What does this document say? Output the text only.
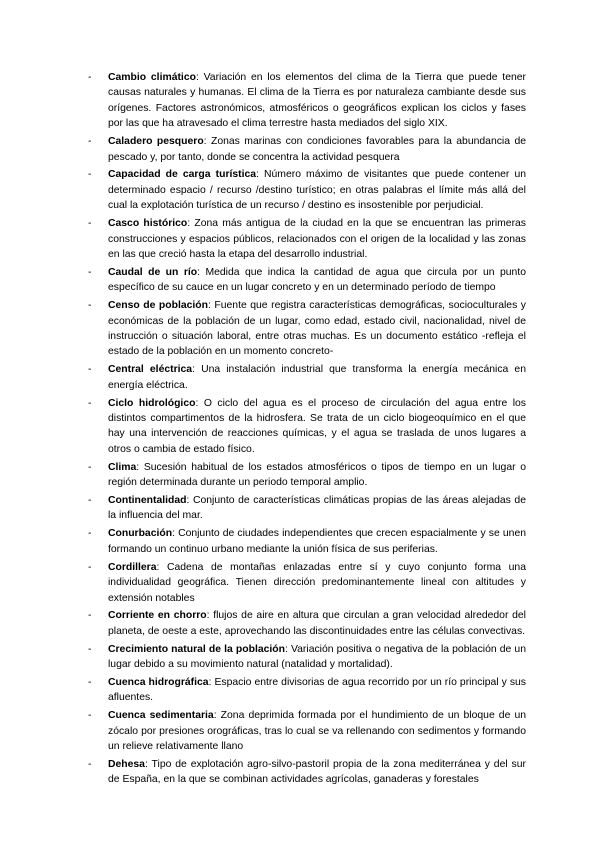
- Cambio climático: Variación en los elementos del clima de la Tierra que puede tener causas naturales y humanas. El clima de la Tierra es por naturaleza cambiante desde sus orígenes. Factores astronómicos, atmosféricos o geográficos explican los ciclos y fases por las que ha atravesado el clima terrestre hasta mediados del siglo XIX.
- Caladero pesquero: Zonas marinas con condiciones favorables para la abundancia de pescado y, por tanto, donde se concentra la actividad pesquera
- Capacidad de carga turística: Número máximo de visitantes que puede contener un determinado espacio / recurso /destino turístico; en otras palabras el límite más allá del cual la explotación turística de un recurso / destino es insostenible por perjudicial.
- Casco histórico: Zona más antigua de la ciudad en la que se encuentran las primeras construcciones y espacios públicos, relacionados con el origen de la localidad y las zonas en las que creció hasta la etapa del desarrollo industrial.
- Caudal de un río: Medida que indica la cantidad de agua que circula por un punto específico de su cauce en un lugar concreto y en un determinado período de tiempo
- Censo de población: Fuente que registra características demográficas, socioculturales y económicas de la población de un lugar, como edad, estado civil, nacionalidad, nivel de instrucción o situación laboral, entre otras muchas. Es un documento estático -refleja el estado de la población en un momento concreto-
- Central eléctrica: Una instalación industrial que transforma la energía mecánica en energía eléctrica.
- Ciclo hidrológico: O ciclo del agua es el proceso de circulación del agua entre los distintos compartimentos de la hidrosfera. Se trata de un ciclo biogeoquímico en el que hay una intervención de reacciones químicas, y el agua se traslada de unos lugares a otros o cambia de estado físico.
- Clima: Sucesión habitual de los estados atmosféricos o tipos de tiempo en un lugar o región determinada durante un periodo temporal amplio.
- Continentalidad: Conjunto de características climáticas propias de las áreas alejadas de la influencia del mar.
- Conurbación: Conjunto de ciudades independientes que crecen espacialmente y se unen formando un continuo urbano mediante la unión física de sus periferias.
- Cordillera: Cadena de montañas enlazadas entre sí y cuyo conjunto forma una individualidad geográfica. Tienen dirección predominantemente lineal con altitudes y extensión notables
- Corriente en chorro: flujos de aire en altura que circulan a gran velocidad alrededor del planeta, de oeste a este, aprovechando las discontinuidades entre las células convectivas.
- Crecimiento natural de la población: Variación positiva o negativa de la población de un lugar debido a su movimiento natural (natalidad y mortalidad).
- Cuenca hidrográfica: Espacio entre divisorias de agua recorrido por un río principal y sus afluentes.
- Cuenca sedimentaria: Zona deprimida formada por el hundimiento de un bloque de un zócalo por presiones orográficas, tras lo cual se va rellenando con sedimentos y formando un relieve relativamente llano
- Dehesa: Tipo de explotación agro-silvo-pastoril propia de la zona mediterránea y del sur de España, en la que se combinan actividades agrícolas, ganaderas y forestales
